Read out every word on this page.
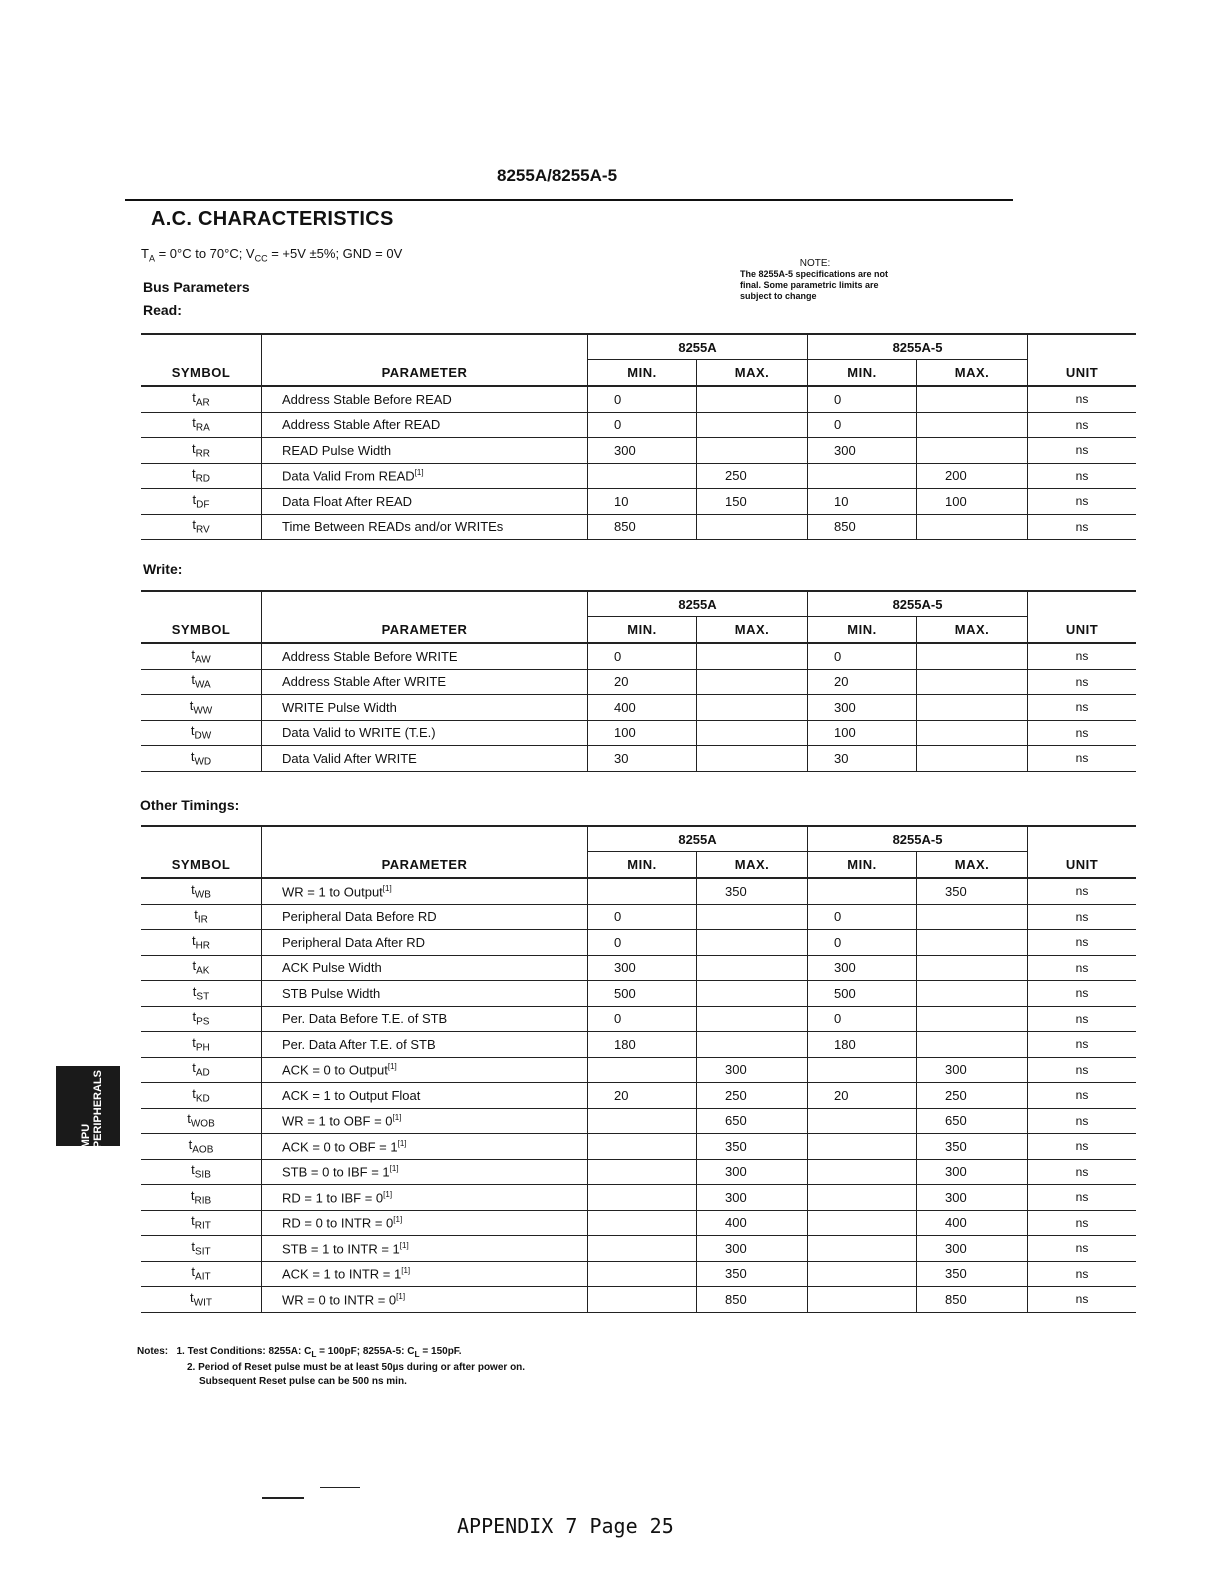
8255A/8255A-5
A.C. CHARACTERISTICS
$T_A = 0^\circ C$ to 70°C; $V_{CC} = +5V \pm 5\%$; GND = 0V
NOTE:
The 8255A-5 specifications are not final. Some parametric limits are subject to change
Bus Parameters
Read:
		8255A		8255A-5		
SYMBOL	PARAMETER	MIN.	MAX.	MIN.	MAX.	UNIT
$t_{AR}$	Address Stable Before READ	0		0		ns
$t_{RA}$	Address Stable After READ	0		0		ns
$t_{RR}$	READ Pulse Width	300		300		ns
$t_{RD}$	Data Valid From READ[1]		250		200	ns
$t_{DF}$	Data Float After READ	10	150	10	100	ns
$t_{RV}$	Time Between READs and/or WRITEs	850		850		ns
Write:
		8255A		8255A-5		
SYMBOL	PARAMETER	MIN.	MAX.	MIN.	MAX.	UNIT
$t_{AW}$	Address Stable Before WRITE	0		0		ns
$t_{WA}$	Address Stable After WRITE	20		20		ns
$t_{WW}$	WRITE Pulse Width	400		300		ns
$t_{DW}$	Data Valid to WRITE (T.E.)	100		100		ns
$t_{WD}$	Data Valid After WRITE	30		30		ns
Other Timings:
		8255A		8255A-5		
SYMBOL	PARAMETER	MIN.	MAX.	MIN.	MAX.	UNIT
$t_{WB}$	WR = 1 to Output[1]		350		350	ns
$t_{IR}$	Peripheral Data Before RD	0		0		ns
$t_{HR}$	Peripheral Data After RD	0		0		ns
$t_{AK}$	ACK Pulse Width	300		300		ns
$t_{ST}$	STB Pulse Width	500		500		ns
$t_{PS}$	Per. Data Before T.E. of STB	0		0		ns
$t_{PH}$	Per. Data After T.E. of STB	180		180		ns
$t_{AD}$	ACK = 0 to Output[1]		300		300	ns
$t_{KD}$	ACK = 1 to Output Float	20	250	20	250	ns
$t_{WOB}$	WR = 1 to OBF = 0[1]		650		650	ns
$t_{AOB}$	ACK = 0 to OBF = 1[1]		350		350	ns
$t_{SIB}$	STB = 0 to IBF = 1[1]		300		300	ns
$t_{RIB}$	RD = 1 to IBF = 0[1]		300		300	ns
$t_{RIT}$	RD = 0 to INTR = 0[1]		400		400	ns
$t_{SIT}$	STB = 1 to INTR = 1[1]		300		300	ns
$t_{AIT}$	ACK = 1 to INTR = 1[1]		350		350	ns
$t_{WIT}$	WR = 0 to INTR = 0[1]		850		850	ns
Notes: 1. Test Conditions: 8255A: $C_L = 100pF$; 8255A-5: $C_L = 150pF$.
2. Period of Reset pulse must be at least 50µs during or after power on.
Subsequent Reset pulse can be 500 ns min.
MPU PERIPHERALS
APPENDIX 7 Page 25
